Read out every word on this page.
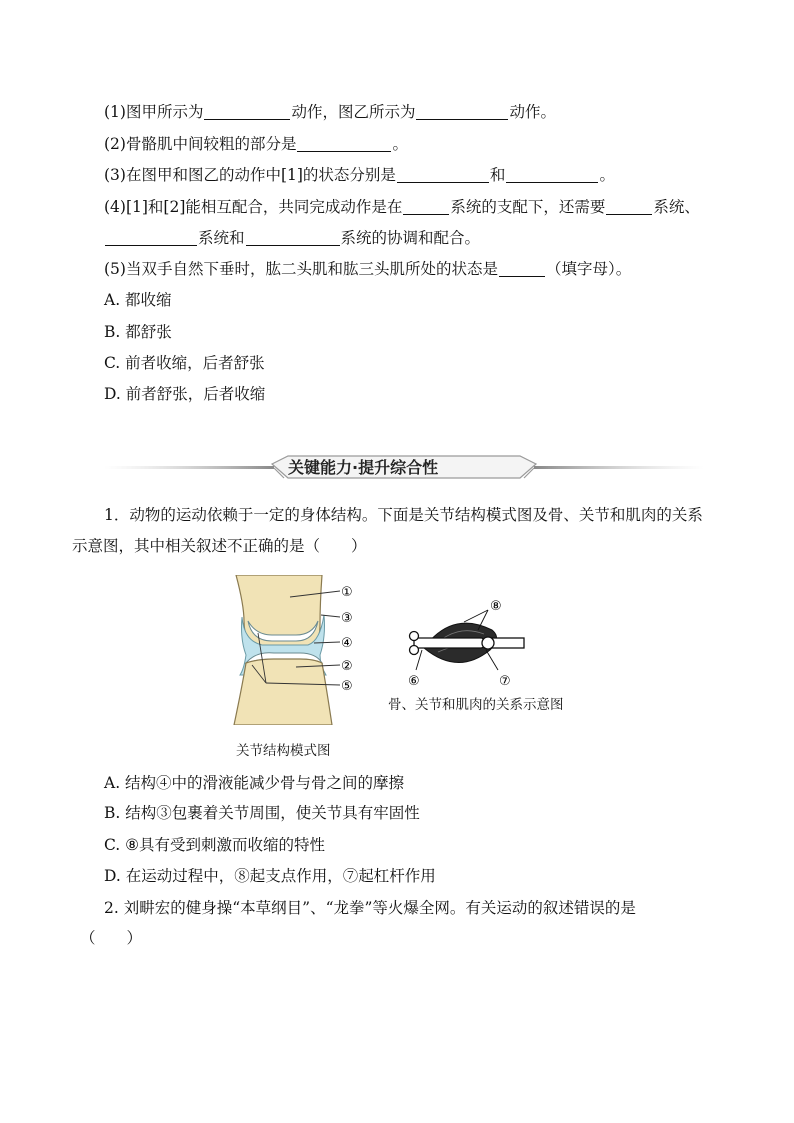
(1)图甲所示为	动作，图乙所示为	动作。
(2)骨骼肌中间较粗的部分是	。
(3)在图甲和图乙的动作中[1]的状态分别是	和	。
(4)[1]和[2]能相互配合，共同完成动作是在	系统的支配下，还需要	系统、
系统和	系统的协调和配合。
(5)当双手自然下垂时，肱二头肌和肱三头肌所处的状态是	（填字母）。
A. 都收缩
B. 都舒张
C. 前者收缩，后者舒张
D. 前者舒张，后者收缩
关键能力·提升综合性
1．动物的运动依赖于一定的身体结构。下面是关节结构模式图及骨、关节和肌肉的关系
示意图，其中相关叙述不正确的是（　　）
①
③
④
②
⑤
关节结构模式图
⑧
⑥	⑦
骨、关节和肌肉的关系示意图
A. 结构④中的滑液能减少骨与骨之间的摩擦
B. 结构③包裹着关节周围，使关节具有牢固性
C. ⑧具有受到刺激而收缩的特性
D. 在运动过程中，⑧起支点作用，⑦起杠杆作用
2. 刘畊宏的健身操“本草纲目”、“龙拳”等火爆全网。有关运动的叙述错误的是
（　　）
